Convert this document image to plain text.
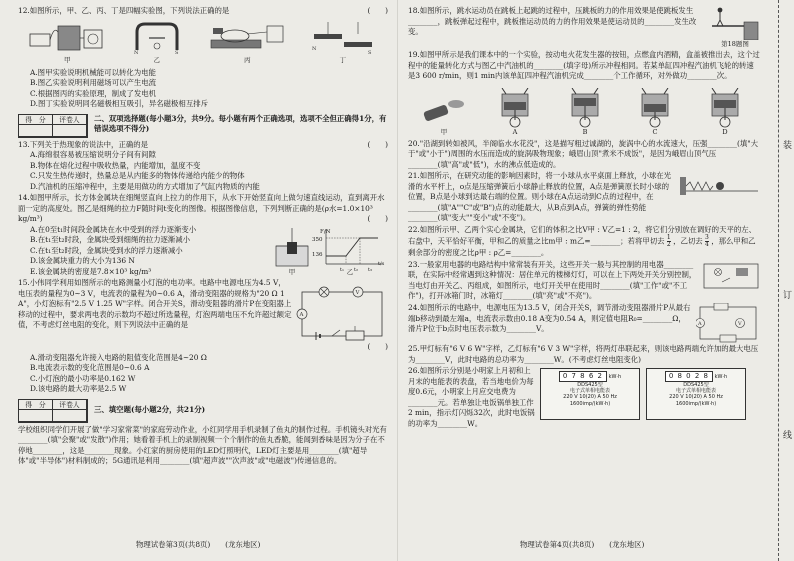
12.如图所示，甲、乙、丙、丁是四幅实验图，下列说法正确的是	(　　)

甲
N	S
乙	丙
N
S
丁

A.图甲实验说明机械能可以转化为电能

B.图乙实验说明利用磁场可以产生电流

C.根据图丙的实验原理，制成了发电机

D.图丁实验说明同名磁极相互吸引，异名磁极相互排斥

得　分	评卷人	二、双项选择题(每小题3分，共9分。每小题有两个正确选项，选项不全但正确得1分，有错误选项不得分)

13.下列关于热现象的说法中，正确的是	(　　)

A.海绵很容易被压缩说明分子间有间隙

B.物体在熔化过程中吸收热量，内能增加，温度不变

C.只发生热传递时，热量总是从内能多的物体传递给内能少的物体

D.汽油机的压缩冲程中，主要是用做功的方式增加了气缸内物质的内能

14.如图甲所示，长方体金属块在细绳竖直向上拉力的作用下，从水下开始竖直向上做匀速直线运动，直到离开水面一定的高度处。图乙是细绳的拉力F随时间t变化的图像。根据图像信息，下列判断正确的是(ρ水=1.0×10³ kg/m³)	(　　)

A.在0至t₁时间段金属块在水中受到的浮力逐渐变小

B.在t₁至t₂时段，金属块受到细绳的拉力逐渐减小

C.在t₁至t₂时段，金属块受到水的浮力逐渐减小

D.该金属块重力的大小为136 N

E.该金属块的密度是7.8×10³ kg/m³	甲	乙
F/N
350
136
t₁ t₂ t₃
t/s

15.小伟同学利用如图所示的电路测量小灯泡的电功率。电路中电源电压为4.5 V，电压表的量程为0~3 V，电流表的量程为0~0.6 A，滑动变阻器的规格为"20 Ω 1 A"，小灯泡标有"2.5 V 1.25 W"字样。闭合开关S，滑动变阻器的滑片P在变阻器上移动的过程中，要求两电表的示数均不超过所选量程，灯泡两端电压不允许超过额定值，不考虑灯丝电阻的变化，则下列说法中正确的是

V
A

(　　)

A.滑动变阻器允许接入电路的阻值变化范围是4~20 Ω

B.电流表示数的变化范围是0~0.6 A

C.小灯泡的最小功率是0.162 W

D.该电路的最大功率是2.5 W

得　分	评卷人	三、填空题(每小题2分，共21分)

学校组织同学们开展了做"学习家常菜"的家庭劳动作业，小红同学用手机录制了鱼丸的制作过程。手机镜头对光有________(填"会聚"或"发散")作用；她看着手机上的录制视频一个个制作的鱼丸香脆，能闻到香味是因为分子在不停地________，这是________现象。小红家的厨房使用的LED灯照明代，LED灯主要是用________(填"超导体"或"半导体")材料制成的；5G通讯是利用________(填"超声波""次声波"或"电磁波")传递信息的。

物理试卷第3页(共8页)　　(龙东地区)

18.如图所示，跳水运动员在跳板上起跳的过程中，压跳板的力的作用效果是使跳板发生________，跳板弹起过程中，跳板推运动员的力的作用效果是使运动员的________发生改变。

第18题图

19.如图甲所示是我们课本中的一个实验，按动电火花发生器的按钮，点燃盒内酒精，盒盖被推出去，这个过程中的能量转化方式与图乙中汽油机的________(填字母)所示冲程相同。若某单缸四冲程汽油机飞轮的转速是3 600 r/min，则1 min内该单缸四冲程汽油机完成________个工作循环，对外做功________次。

甲	A	B	C	D

20."沿湖到转如被风，半阁临水水花没"，这是描写粗过诚湖的，旋涡中心的水流速大，压强________(填"大于"或"小于")周围的水压而造成的旋涡吸物现象；峨眉山顶"煮米不成饭"，是因为峨眉山顶气压________(填"高"或"低")，水的沸点低造成的。

21.如图所示，在研究动能的影响因素时，将一小球从水平桌面上释放，小球在光滑的水平杆上，o点是压缩弹簧后小球静止释放的位置，A点是弹簧原长时小球的位置，B点是小球到达最右端的位置。则小球在A点运动到C点的过程中，在________(填"A""C"或"B")点的动能最大，从B点到A点，弹簧的弹性势能________(填"变大""变小"或"不变")。

22.如图所示甲、乙两个实心金属块，它们的体积之比V甲 : V乙=1 : 2，将它们分别放在调好的天平的左、右盘中，天平恰好平衡，甲和乙的质量之比m甲 : m乙=________；若将甲切去 $\frac{1}{2}$ ，乙切去 $\frac{3}{4}$ ，那么甲和乙剩余部分的密度之比ρ甲 : ρ乙=________。

23.一般家用电器的电路结构中常常装有开关，这些开关一般与其控制的用电器________联，在实际中经常遇到这种情况：居住单元的楼梯灯灯，可以在上下两处开关分别控制，当电灯由开关乙、丙组成，如图所示，电灯开关甲在使用时________(填"工作"或"不工作")，打开冰箱门时，冰箱灯________(填"亮"或"不亮")。

24.如图所示的电路中，电源电压为13.5 V，闭合开关S，调节滑动变阻器滑片P从最右端b移动到最左端a，电流表示数由0.18 A变为0.54 A，则定值电阻R₀=________Ω，滑片P位于b点时电压表示数为________V。

A	V

25.甲灯标有"6 V 6 W"字样，乙灯标有"6 V 3 W"字样，将两灯串联起来，则该电路两端允许加的最大电压为________V，此时电路的总功率为________W。(不考虑灯丝电阻变化)

26.如图所示分别是小明家上月初和上月末的电能表的表盘，若当地电价为每度0.6元，小明家上月应交电费为________元。若单独让电饭锅单独工作2 min，指示灯闪烁32次，此时电饭锅的功率为________W。

0 7 8 6 2 kW·h
DDS425型
电子式单相电能表
220 V 10(20) A 50 Hz
1600imp/(kW·h)
0 8 0 2 8 kW·h
DDS425型
电子式单相电能表
220 V 10(20) A 50 Hz
1600imp/(kW·h)

物理试卷第4页(共8页)　　(龙东地区)

装
订
线
